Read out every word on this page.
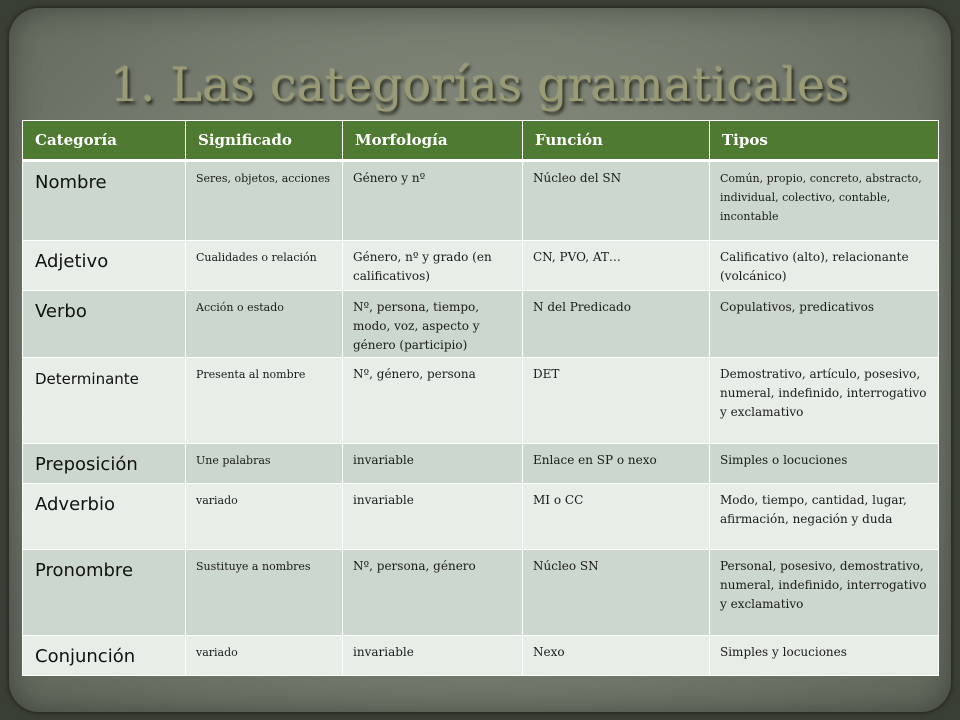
1. Las categorías gramaticales
Categoría	Significado	Morfología	Función	Tipos
Nombre	Seres, objetos, acciones	Género y nº	Núcleo del SN	Común, propio, concreto, abstracto, individual, colectivo, contable, incontable
Adjetivo	Cualidades o relación	Género, nº y grado (en calificativos)	CN, PVO, AT…	Calificativo (alto), relacionante (volcánico)
Verbo	Acción o estado	Nº, persona, tiempo, modo, voz, aspecto y género (participio)	N del Predicado	Copulativos, predicativos
Determinante	Presenta al nombre	Nº, género, persona	DET	Demostrativo, artículo, posesivo, numeral, indefinido, interrogativo y exclamativo
Preposición	Une palabras	invariable	Enlace en SP o nexo	Simples o locuciones
Adverbio	variado	invariable	MI o CC	Modo, tiempo, cantidad, lugar, afirmación, negación y duda
Pronombre	Sustituye a nombres	Nº, persona, género	Núcleo SN	Personal, posesivo, demostrativo, numeral, indefinido, interrogativo y exclamativo
Conjunción	variado	invariable	Nexo	Simples y locuciones
